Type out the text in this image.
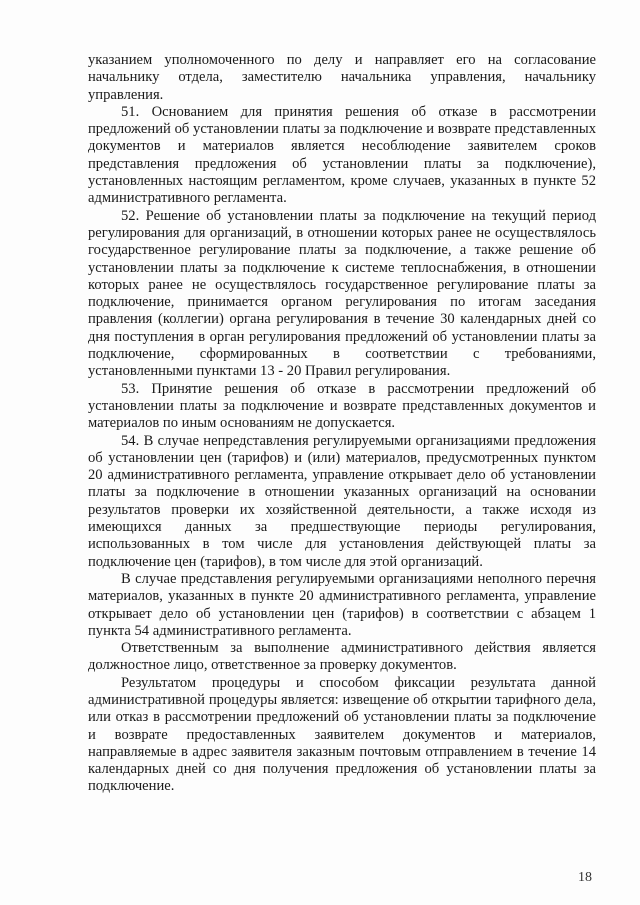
указанием уполномоченного по делу и направляет его на согласование начальнику отдела, заместителю начальника управления, начальнику управления.

51. Основанием для принятия решения об отказе в рассмотрении предложений об установлении платы за подключение и возврате представленных документов и материалов является несоблюдение заявителем сроков представления предложения об установлении платы за подключение), установленных настоящим регламентом, кроме случаев, указанных в пункте 52 административного регламента.

52. Решение об установлении платы за подключение на текущий период регулирования для организаций, в отношении которых ранее не осуществлялось государственное регулирование платы за подключение, а также решение об установлении платы за подключение к системе теплоснабжения, в отношении которых ранее не осуществлялось государственное регулирование платы за подключение, принимается органом регулирования по итогам заседания правления (коллегии) органа регулирования в течение 30 календарных дней со дня поступления в орган регулирования предложений об установлении платы за подключение, сформированных в соответствии с требованиями, установленными пунктами 13 - 20 Правил регулирования.

53. Принятие решения об отказе в рассмотрении предложений об установлении платы за подключение и возврате представленных документов и материалов по иным основаниям не допускается.

54. В случае непредставления регулируемыми организациями предложения об установлении цен (тарифов) и (или) материалов, предусмотренных пунктом 20 административного регламента, управление открывает дело об установлении платы за подключение в отношении указанных организаций на основании результатов проверки их хозяйственной деятельности, а также исходя из имеющихся данных за предшествующие периоды регулирования, использованных в том числе для установления действующей платы за подключение цен (тарифов), в том числе для этой организаций.

В случае представления регулируемыми организациями неполного перечня материалов, указанных в пункте 20 административного регламента, управление открывает дело об установлении цен (тарифов) в соответствии с абзацем 1 пункта 54 административного регламента.

Ответственным за выполнение административного действия является должностное лицо, ответственное за проверку документов.

Результатом процедуры и способом фиксации результата данной административной процедуры является: извещение об открытии тарифного дела, или отказ в рассмотрении предложений об установлении платы за подключение и возврате предоставленных заявителем документов и материалов, направляемые в адрес заявителя заказным почтовым отправлением в течение 14 календарных дней со дня получения предложения об установлении платы за подключение.

18
